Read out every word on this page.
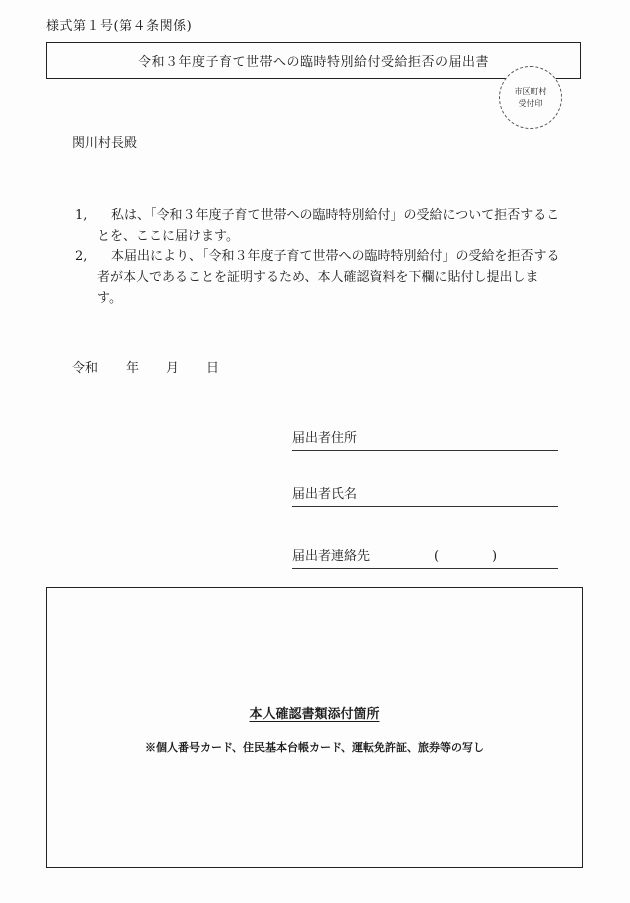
様式第１号(第４条関係)
令和３年度子育て世帯への臨時特別給付受給拒否の届出書
市区町村
受付印
関川村長殿
1,	私は、「令和３年度子育て世帯への臨時特別給付」の受給について拒否することを、ここに届けます。
2,	本届出により、「令和３年度子育て世帯への臨時特別給付」の受給を拒否する者が本人であることを証明するため、本人確認資料を下欄に貼付し提出します。
令和 年 月 日
届出者住所
届出者氏名
届出者連絡先	(	)
本人確認書類添付箇所
※個人番号カード、住民基本台帳カード、運転免許証、旅券等の写し
